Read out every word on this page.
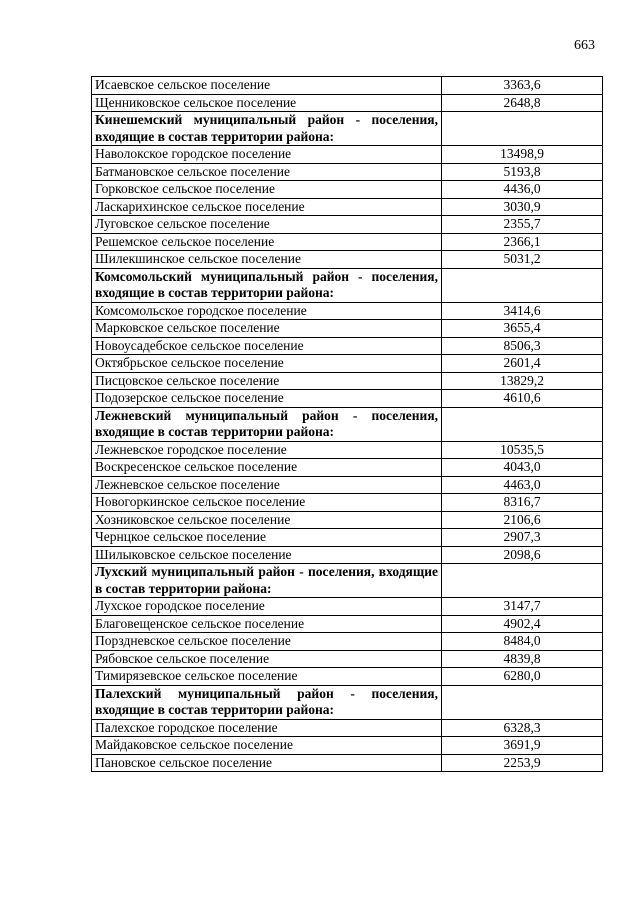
663
Исаевское сельское поселение	3363,6
Щенниковское сельское поселение	2648,8
Кинешемский муниципальный район - поселения, входящие в состав территории района:	
Наволокское городское поселение	13498,9
Батмановское сельское поселение	5193,8
Горковское сельское поселение	4436,0
Ласкарихинское сельское поселение	3030,9
Луговское сельское поселение	2355,7
Решемское сельское поселение	2366,1
Шилекшинское сельское поселение	5031,2
Комсомольский муниципальный район - поселения, входящие в состав территории района:	
Комсомольское городское поселение	3414,6
Марковское сельское поселение	3655,4
Новоусадебское сельское поселение	8506,3
Октябрьское сельское поселение	2601,4
Писцовское сельское поселение	13829,2
Подозерское сельское поселение	4610,6
Лежневский муниципальный район - поселения, входящие в состав территории района:	
Лежневское городское поселение	10535,5
Воскресенское сельское поселение	4043,0
Лежневское сельское поселение	4463,0
Новогоркинское сельское поселение	8316,7
Хозниковское сельское поселение	2106,6
Чернцкое сельское поселение	2907,3
Шилыковское сельское поселение	2098,6
Лухский муниципальный район - поселения, входящие в состав территории района:	
Лухское городское поселение	3147,7
Благовещенское сельское поселение	4902,4
Порздневское сельское поселение	8484,0
Рябовское сельское поселение	4839,8
Тимирязевское сельское поселение	6280,0
Палехский муниципальный район - поселения, входящие в состав территории района:	
Палехское городское поселение	6328,3
Майдаковское сельское поселение	3691,9
Пановское сельское поселение	2253,9
